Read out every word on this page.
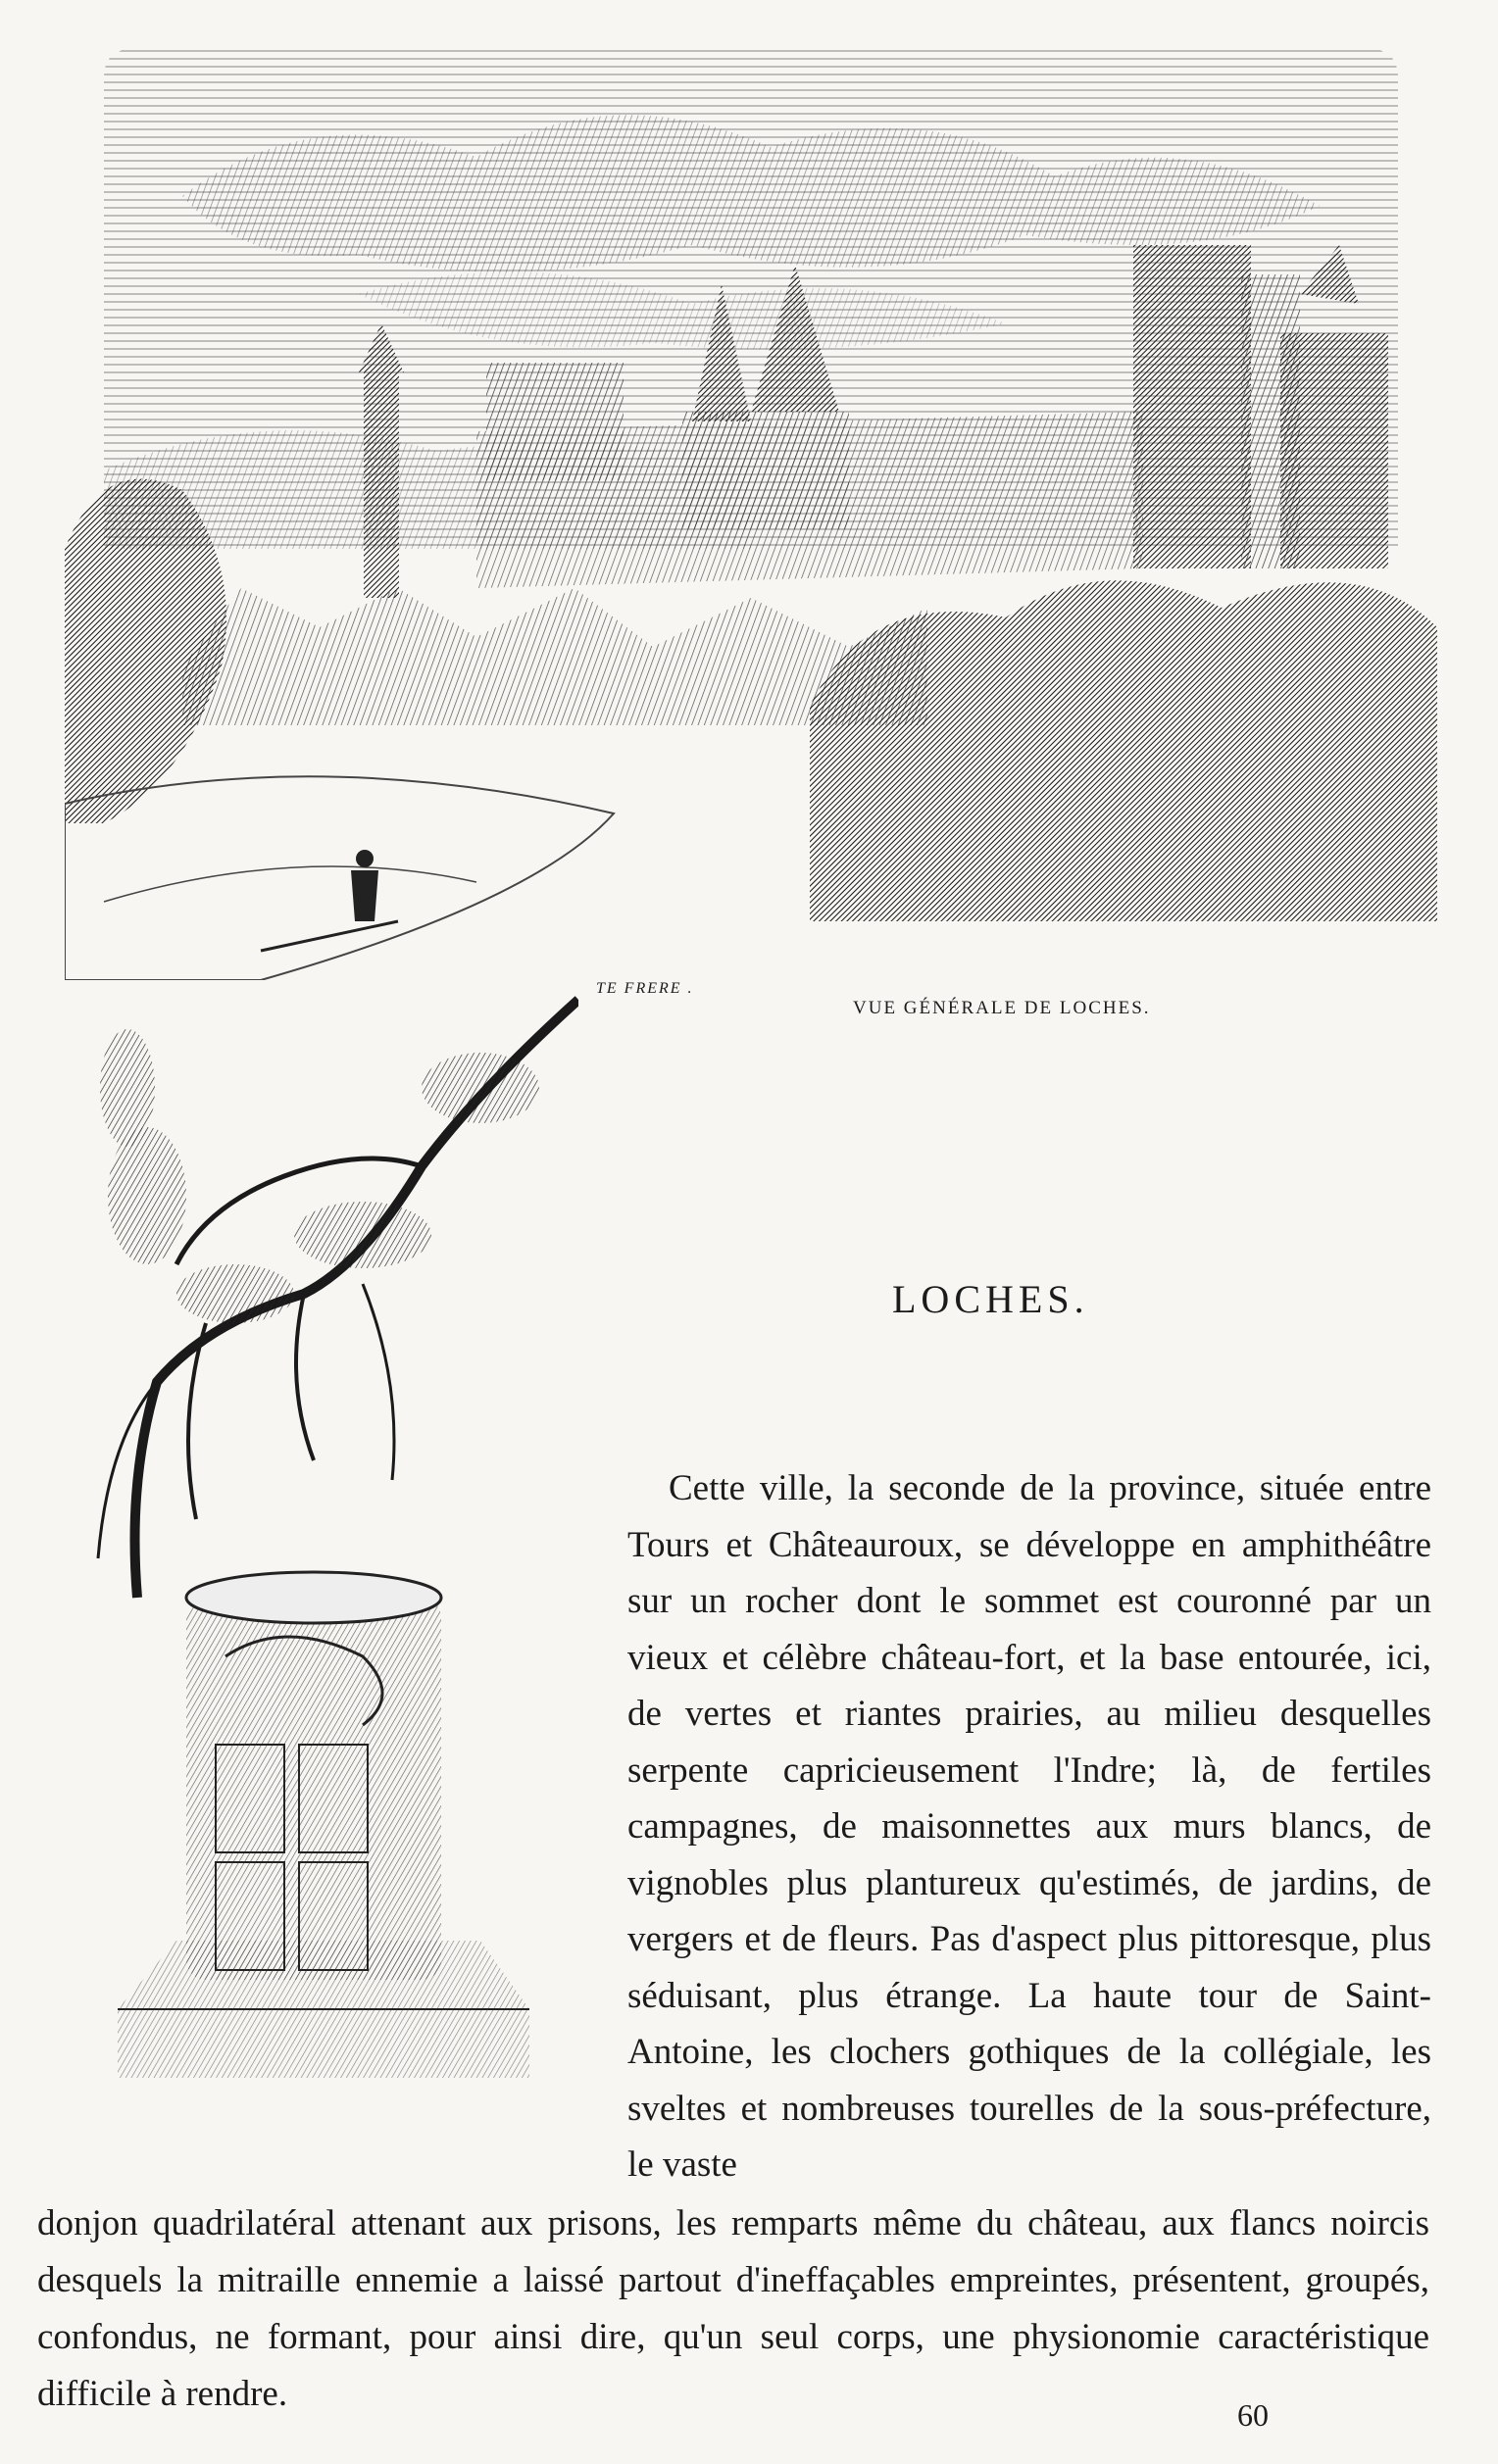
TE FRERE .
VUE GÉNÉRALE DE LOCHES.
LOCHES.

Cette ville, la seconde de la province, située entre Tours et Châteauroux, se développe en amphithéâtre sur un rocher dont le sommet est couronné par un vieux et célèbre château-fort, et la base entourée, ici, de vertes et riantes prairies, au milieu desquelles serpente capricieusement l'Indre; là, de fertiles campagnes, de maisonnettes aux murs blancs, de vignobles plus plantureux qu'estimés, de jardins, de vergers et de fleurs. Pas d'aspect plus pittoresque, plus séduisant, plus étrange. La haute tour de Saint-Antoine, les clochers gothiques de la collégiale, les sveltes et nombreuses tourelles de la sous-préfecture, le vaste

donjon quadrilatéral attenant aux prisons, les remparts même du château, aux flancs noircis desquels la mitraille ennemie a laissé partout d'ineffaçables empreintes, présentent, groupés, confondus, ne formant, pour ainsi dire, qu'un seul corps, une physionomie caractéristique difficile à rendre.

60
